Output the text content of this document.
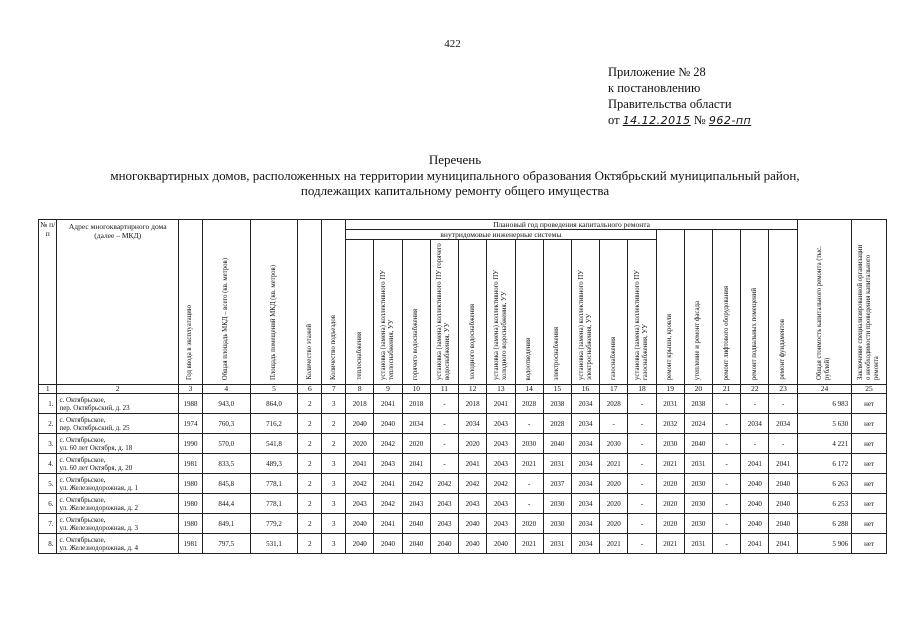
422
Приложение № 28
к постановлению
Правительства области
от 14.12.2015 № 962-пп
Перечень
многоквартирных домов, расположенных на территории муниципального образования Октябрьский муниципальный район,
подлежащих капитальному ремонту общего имущества
№ п/п	Адрес многоквартирного дома (далее – МКД)	Год ввода в эксплуатацию	Общая площадь МКД – всего (кв. метров)	Площадь помещений МКД (кв. метров)	Количество этажей	Количество подъездов	Плановый год проведения капитального ремонта																Общая стоимость капитального ремонта (тыс. рублей)	Заключение специализированной организации о необходимости проведения капитального ремонта
							внутридомовые инженерные системы											ремонт крыши, кровли	утепление и ремонт фасада	ремонт лифтового оборудования	ремонт подвальных помещений	ремонт фундаментов		
							теплоснабжения	установка (замена) коллективного ПУ теплоснабжения, УУ	горячего водоснабжения	установка (замена) коллективного ПУ горячего водоснабжения, УУ	холодного водоснабжения	установка (замена) коллективного ПУ холодного водоснабжения, УУ	водоотведения	электроснабжения	установка (замена) коллективного ПУ электроснабжения, УУ	газоснабжения	установка (замена) коллективного ПУ газоснабжения, УУ							
1	2	3	4	5	6	7	8	9	10	11	12	13	14	15	16	17	18	19	20	21	22	23	24	25
1.	с. Октябрьское,
пер. Октябрьский, д. 23	1988	943,0	864,0	2	3	2018	2041	2018	-	2018	2041	2028	2038	2034	2028	-	2031	2038	-	-	-	6 983	нет
2.	с. Октябрьское,
пер. Октябрьский, д. 25	1974	760,3	716,2	2	2	2040	2040	2034	-	2034	2043	-	2028	2034	-	-	2032	2024	-	2034	2034	5 630	нет
3.	с. Октябрьское,
ул. 60 лет Октября, д. 18	1990	570,0	541,8	2	2	2020	2042	2020	-	2020	2043	2030	2040	2034	2030	-	2030	2040	-	-	-	4 221	нет
4.	с. Октябрьское,
ул. 60 лет Октября, д. 20	1981	833,5	489,3	2	3	2041	2043	2041	-	2041	2043	2021	2031	2034	2021	-	2021	2031	-	2041	2041	6 172	нет
5.	с. Октябрьское,
ул. Железнодорожная, д. 1	1980	845,8	778,1	2	3	2042	2041	2042	2042	2042	2042	-	2037	2034	2020	-	2020	2030	-	2040	2040	6 263	нет
6.	с. Октябрьское,
ул. Железнодорожная, д. 2	1980	844,4	778,1	2	3	2043	2042	2043	2043	2043	2043	-	2030	2034	2020	-	2020	2030	-	2040	2040	6 253	нет
7.	с. Октябрьское,
ул. Железнодорожная, д. 3	1980	849,1	779,2	2	3	2040	2041	2040	2043	2040	2043	2020	2030	2034	2020	-	2020	2030	-	2040	2040	6 288	нет
8.	с. Октябрьское,
ул. Железнодорожная, д. 4	1981	797,5	531,1	2	3	2040	2040	2040	2040	2040	2040	2021	2031	2034	2021	-	2021	2031	-	2041	2041	5 906	нет
